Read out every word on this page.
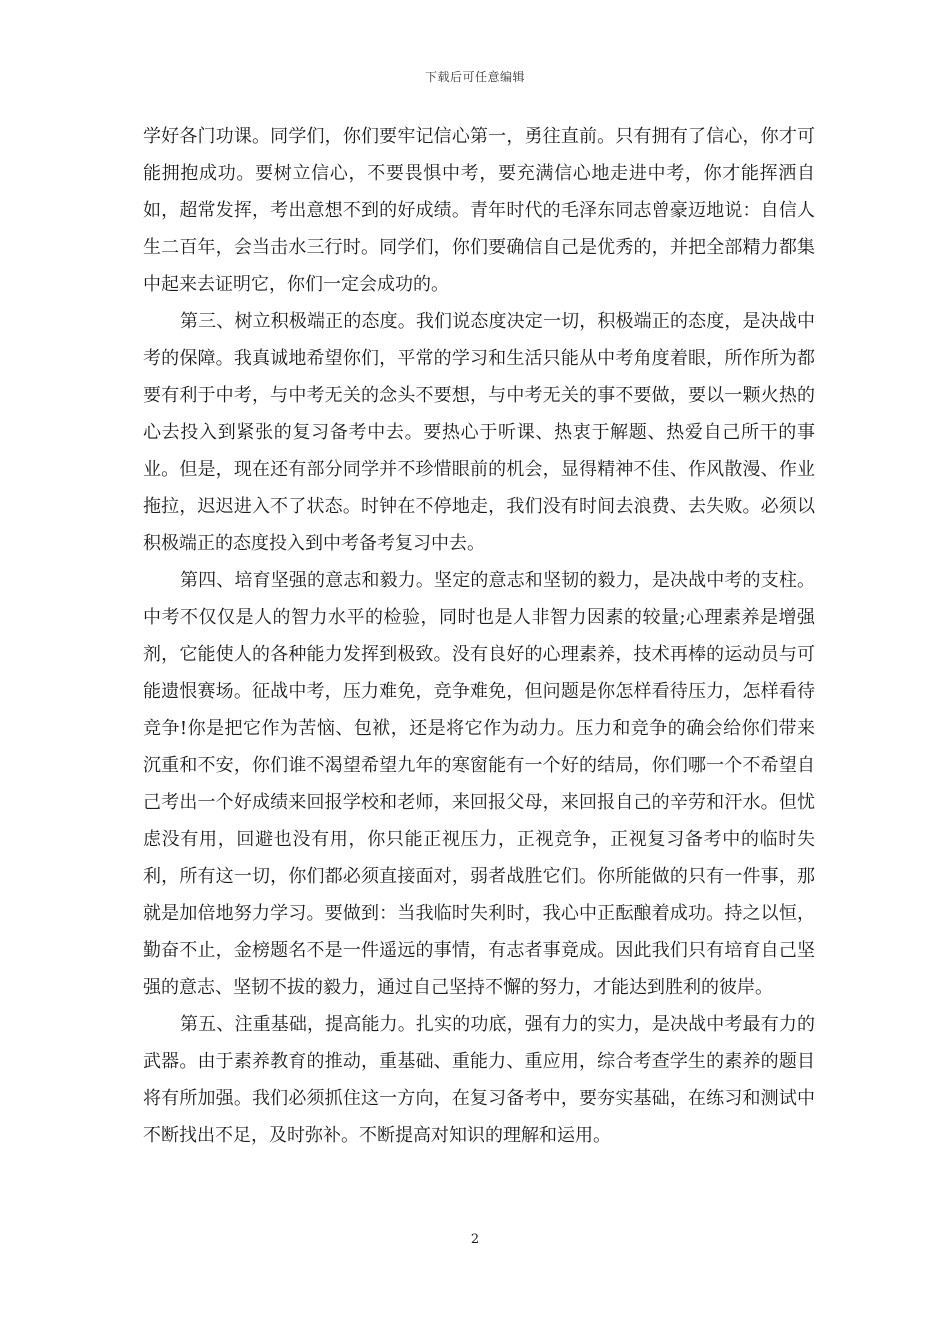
下载后可任意编辑

学好各门功课。同学们，你们要牢记信心第一，勇往直前。只有拥有了信心，你才可能拥抱成功。要树立信心，不要畏惧中考，要充满信心地走进中考，你才能挥洒自如，超常发挥，考出意想不到的好成绩。青年时代的毛泽东同志曾豪迈地说：自信人生二百年，会当击水三行时。同学们，你们要确信自己是优秀的，并把全部精力都集中起来去证明它，你们一定会成功的。

第三、树立积极端正的态度。我们说态度决定一切，积极端正的态度，是决战中考的保障。我真诚地希望你们，平常的学习和生活只能从中考角度着眼，所作所为都要有利于中考，与中考无关的念头不要想，与中考无关的事不要做，要以一颗火热的心去投入到紧张的复习备考中去。要热心于听课、热衷于解题、热爱自己所干的事业。但是，现在还有部分同学并不珍惜眼前的机会，显得精神不佳、作风散漫、作业拖拉，迟迟进入不了状态。时钟在不停地走，我们没有时间去浪费、去失败。必须以积极端正的态度投入到中考备考复习中去。

第四、培育坚强的意志和毅力。坚定的意志和坚韧的毅力，是决战中考的支柱。中考不仅仅是人的智力水平的检验，同时也是人非智力因素的较量;心理素养是增强剂，它能使人的各种能力发挥到极致。没有良好的心理素养，技术再棒的运动员与可能遗恨赛场。征战中考，压力难免，竞争难免，但问题是你怎样看待压力，怎样看待竞争!你是把它作为苦恼、包袱，还是将它作为动力。压力和竞争的确会给你们带来沉重和不安，你们谁不渴望希望九年的寒窗能有一个好的结局，你们哪一个不希望自己考出一个好成绩来回报学校和老师，来回报父母，来回报自己的辛劳和汗水。但忧虑没有用，回避也没有用，你只能正视压力，正视竞争，正视复习备考中的临时失利，所有这一切，你们都必须直接面对，弱者战胜它们。你所能做的只有一件事，那就是加倍地努力学习。要做到：当我临时失利时，我心中正酝酿着成功。持之以恒，勤奋不止，金榜题名不是一件遥远的事情，有志者事竟成。因此我们只有培育自己坚强的意志、坚韧不拔的毅力，通过自己坚持不懈的努力，才能达到胜利的彼岸。

第五、注重基础，提高能力。扎实的功底，强有力的实力，是决战中考最有力的武器。由于素养教育的推动，重基础、重能力、重应用，综合考查学生的素养的题目将有所加强。我们必须抓住这一方向，在复习备考中，要夯实基础，在练习和测试中不断找出不足，及时弥补。不断提高对知识的理解和运用。

2
